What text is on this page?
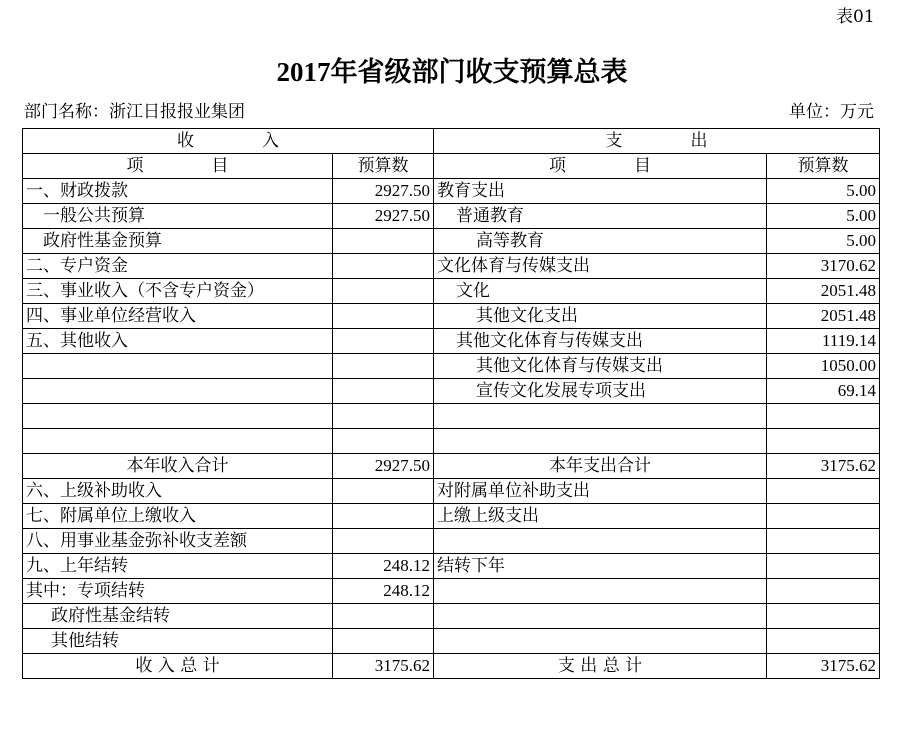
表01
2017年省级部门收支预算总表
部门名称：浙江日报报业集团	单位：万元
收　　　　入		支　　　　出	
项　　　　目	预算数	项　　　　目	预算数
一、财政拨款	2927.50	教育支出	5.00
一般公共预算	2927.50	普通教育	5.00
政府性基金预算		高等教育	5.00
二、专户资金		文化体育与传媒支出	3170.62
三、事业收入（不含专户资金）		文化	2051.48
四、事业单位经营收入		其他文化支出	2051.48
五、其他收入		其他文化体育与传媒支出	1119.14
		其他文化体育与传媒支出	1050.00
		宣传文化发展专项支出	69.14

本年收入合计	2927.50	本年支出合计	3175.62
六、上级补助收入		对附属单位补助支出	
七、附属单位上缴收入		上缴上级支出	
八、用事业基金弥补收支差额			
九、上年结转	248.12	结转下年	
其中：专项结转	248.12		
政府性基金结转			
其他结转			
收 入 总 计	3175.62	支 出 总 计	3175.62
